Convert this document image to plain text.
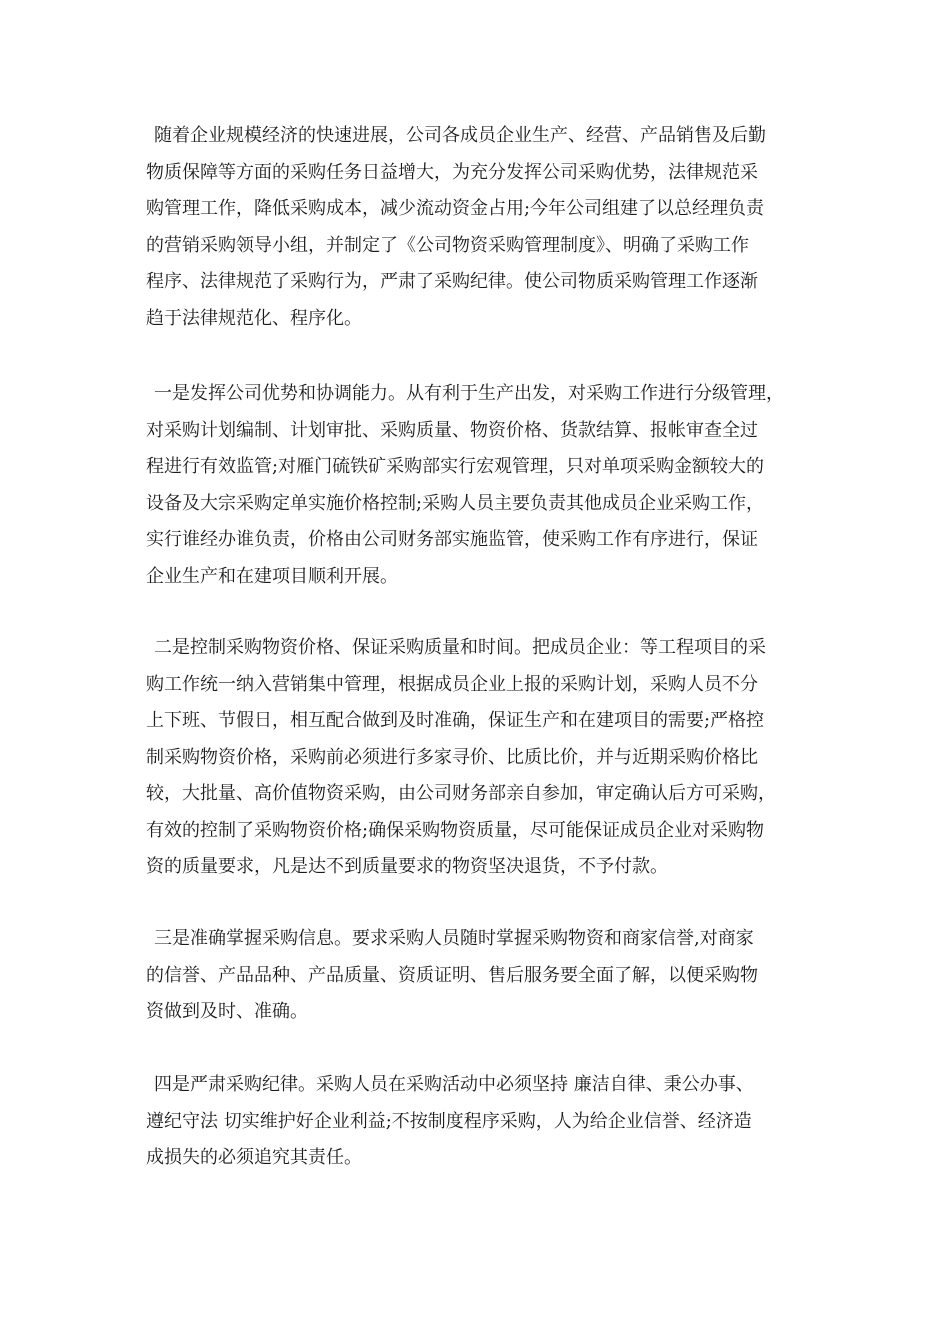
随着企业规模经济的快速进展，公司各成员企业生产、经营、产品销售及后勤
物质保障等方面的采购任务日益增大，为充分发挥公司采购优势，法律规范采
购管理工作，降低采购成本，减少流动资金占用;今年公司组建了以总经理负责
的营销采购领导小组，并制定了《公司物资采购管理制度》、明确了采购工作
程序、法律规范了采购行为，严肃了采购纪律。使公司物质采购管理工作逐渐
趋于法律规范化、程序化。
一是发挥公司优势和协调能力。从有利于生产出发，对采购工作进行分级管理，
对采购计划编制、计划审批、采购质量、物资价格、货款结算、报帐审查全过
程进行有效监管;对雁门硫铁矿采购部实行宏观管理，只对单项采购金额较大的
设备及大宗采购定单实施价格控制;采购人员主要负责其他成员企业采购工作，
实行谁经办谁负责，价格由公司财务部实施监管，使采购工作有序进行，保证
企业生产和在建项目顺利开展。
二是控制采购物资价格、保证采购质量和时间。把成员企业：等工程项目的采
购工作统一纳入营销集中管理，根据成员企业上报的采购计划，采购人员不分
上下班、节假日，相互配合做到及时准确，保证生产和在建项目的需要;严格控
制采购物资价格，采购前必须进行多家寻价、比质比价，并与近期采购价格比
较，大批量、高价值物资采购，由公司财务部亲自参加，审定确认后方可采购，
有效的控制了采购物资价格;确保采购物资质量，尽可能保证成员企业对采购物
资的质量要求，凡是达不到质量要求的物资坚决退货，不予付款。
三是准确掌握采购信息。要求采购人员随时掌握采购物资和商家信誉,对商家
的信誉、产品品种、产品质量、资质证明、售后服务要全面了解，以便采购物
资做到及时、准确。
四是严肃采购纪律。采购人员在采购活动中必须坚持 廉洁自律、秉公办事、
遵纪守法 切实维护好企业利益;不按制度程序采购，人为给企业信誉、经济造
成损失的必须追究其责任。
